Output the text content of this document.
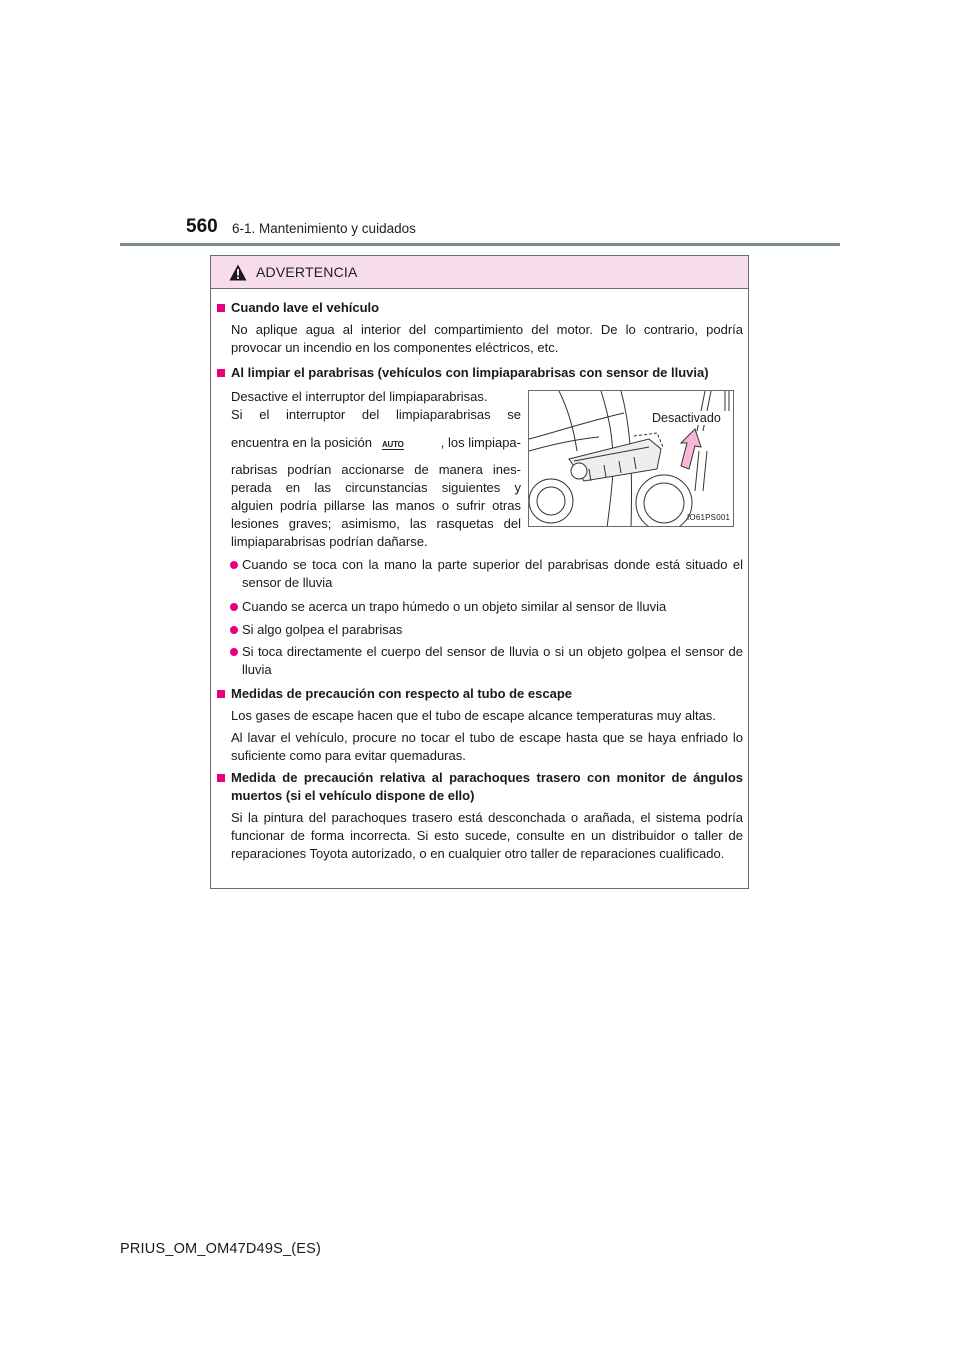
560 6-1. Mantenimiento y cuidados
ADVERTENCIA
Cuando lave el vehículo
No aplique agua al interior del compartimiento del motor. De lo contrario, podría provocar un incendio en los componentes eléctricos, etc.
Al limpiar el parabrisas (vehículos con limpiaparabrisas con sensor de lluvia)
Desactive el interruptor del limpiaparabrisas.
Si el interruptor del limpiaparabrisas se
encuentra en la posición AUTO	, los limpiapa-
rabrisas podrían accionarse de manera ines-
perada en las circunstancias siguientes y
alguien podría pillarse las manos o sufrir otras
lesiones graves; asimismo, las rasquetas del
limpiaparabrisas podrían dañarse.
Desactivado
IO61PS001
Cuando se toca con la mano la parte superior del parabrisas donde está situado el sensor de lluvia
Cuando se acerca un trapo húmedo o un objeto similar al sensor de lluvia
Si algo golpea el parabrisas
Si toca directamente el cuerpo del sensor de lluvia o si un objeto golpea el sensor de lluvia
Medidas de precaución con respecto al tubo de escape
Los gases de escape hacen que el tubo de escape alcance temperaturas muy altas.
Al lavar el vehículo, procure no tocar el tubo de escape hasta que se haya enfriado lo suficiente como para evitar quemaduras.
Medida de precaución relativa al parachoques trasero con monitor de ángulos muertos (si el vehículo dispone de ello)
Si la pintura del parachoques trasero está desconchada o arañada, el sistema podría funcionar de forma incorrecta. Si esto sucede, consulte en un distribuidor o taller de reparaciones Toyota autorizado, o en cualquier otro taller de reparaciones cualificado.
PRIUS_OM_OM47D49S_(ES)
